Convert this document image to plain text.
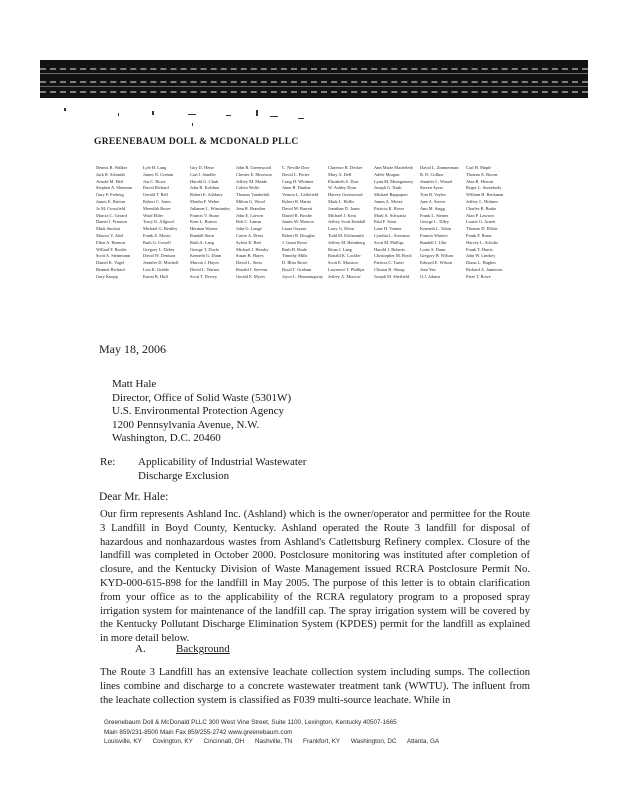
GREENEBAUM DOLL & MCDONALD PLLC
Dennis B. Walker
Jack R. Schmidt
Arnold M. Heil
Stephen A. Sherman
Gary F. Freberg
James E. Britton
Jo M. Crossfield
Marcia C. Gerard
Daniel J. Franson
Mark Sinclair
Marcus V. Abel
Ellen A. Hanson
Willard F. Brodie
Scott A. Steinmann
Daniel K. Vogel
Bennett Richard
Gary Knopp
Lyle H. Lang
James N. Cremin
Jon C. Rowe
David Richard
Gerald T. Bell
Robert C. Jones
Meredith Rowe
Ward Elder
Tracy K. Allgood
Michael G. Bentley
Frank Z. Moser
Ruth G. Cowell
Gregory L. Deker
David W. Denison
Jennifer D. Mitchell
Lisa K. Grable
Karen R. Huff
Guy D. Heise
Carl J. Sandler
Harold G. Clark
John B. Kolshen
Robert E. Ashbury
Martha F. Weber
Julianne L. Winstanley
Francis V. Stuart
Kent L. Burton
Herman Wynne
Randall Stein
Ruth A. Lang
George T. Doyle
Kenneth G. Dunn
Marvin J. Hayes
David L. Warner
Scott T. Dewey
John B. Greenwood
Chester E. Morrison
Jeffrey M. Meade
Calvin Wolfe
Thomas Vanderbilt
Milton G. Wood
Jean R. Brandon
John E. Larvon
Bob C. Lamm
John G. Lange
Carrie A. Dress
Sylvia K. Bett
Michael J. Hendry
Susan B. Hayes
David L. Stein
Ronald J. Stevens
Gerald E. Myers
C. Neville Dorr
David L. Porter
Craig H. Whitmer
Anne R. Dunbar
Vernon L. Littlefield
Robert R. Harris
David M. Barrett
Daniel R. Brodie
James M. Monroe
Laura Gaynor
Robert R. Douglas
J. Grant Rowe
Ruth H. Beale
Timothy Mills
D. Bliss Rowe
Boyd T. Graham
Joyce L. Hemmingway
Clarence R. Decker
Mary A. Dell
Elizabeth S. Dorr
W. Ashley Dorn
Harvey Greenwood
Mark L. Hollis
Jonathan D. Jones
Michael J. Kent
Jeffrey Scott Kendall
Larry G. Klein
Todd M. Kleinsmith
Jeffrey M. Heimberg
Brian J. Lang
Ronald K. Lockler
Scott E. Marston
Lawrence T. Phillips
Jeffrey A. Morrow
Ann Marie Macheledt
Adele Morgan
Lynn M. Montgomery
Joseph G. Nash
Michael Rappaport
James A. Mosey
Patricia K. Rowe
Mark A. Schwartz
Paul F. Stout
Lane H. Vonner
Cynthia L. Swenson
Scott M. Phillips
Harold J. Roberts
Christopher M. Boyd
Patricia C. Tarter
Clinton B. Shoup
Joseph M. Sheffield
David L. Zimmerman
R. D. Collins
Jennifer L. Wessel
Steven Ayers
Tom B. Voyles
Jane A. Stover
Ann M. Stagg
Frank L. Steiner
George L. Tilley
Kenneth L. Tobin
Francis Winters
Randall J. Ulm
Louis S. Dunn
Gregory B. Wilson
Edward E. Wilson
Jean Yen
O.J. Adams
Carl H. Maple
Thomas E. Boone
Alan R. Herron
Roger L. Somebody
William H. Beckman
Jeffrey L. Holmes
Charles B. Burke
Alan P. Lawson
Louise G. Arnett
Thomas D. Elliott
Frank F. Buser
Harvey L. Schultz
Frank T. Harris
John W. Lindsey
Diana L. Hughes
Richard A. Jamieson
Peter T. Rowe
May 18, 2006
Matt Hale
Director, Office of Solid Waste (5301W)
U.S. Environmental Protection Agency
1200 Pennsylvania Avenue, N.W.
Washington, D.C. 20460
Re: Applicability of Industrial Wastewater
Discharge Exclusion
Dear Mr. Hale:
Our firm represents Ashland Inc. (Ashland) which is the owner/operator and permittee for the Route 3 Landfill in Boyd County, Kentucky. Ashland operated the Route 3 landfill for disposal of hazardous and nonhazardous wastes from Ashland's Catlettsburg Refinery complex. Closure of the landfill was completed in October 2000. Postclosure monitoring was instituted after completion of closure, and the Kentucky Division of Waste Management issued RCRA Postclosure Permit No. KYD-000-615-898 for the landfill in May 2005. The purpose of this letter is to obtain clarification from your office as to the applicability of the RCRA regulatory program to a proposed spray irrigation system for maintenance of the landfill cap. The spray irrigation system will be covered by the Kentucky Pollutant Discharge Elimination System (KPDES) permit for the landfill as explained in more detail below.
A.	Background
The Route 3 Landfill has an extensive leachate collection system including sumps. The collection lines combine and discharge to a concrete wastewater treatment tank (WWTU). The influent from the leachate collection system is classified as F039 multi-source leachate. While in
Greenebaum Doll & McDonald PLLC 300 West Vine Street, Suite 1100, Lexington, Kentucky 40507-1665
Main 859/231-8500 Main Fax 859/255-2742 www.greenebaum.com
Louisville, KY Covington, KY Cincinnati, OH Nashville, TN Frankfort, KY Washington, DC Atlanta, GA
